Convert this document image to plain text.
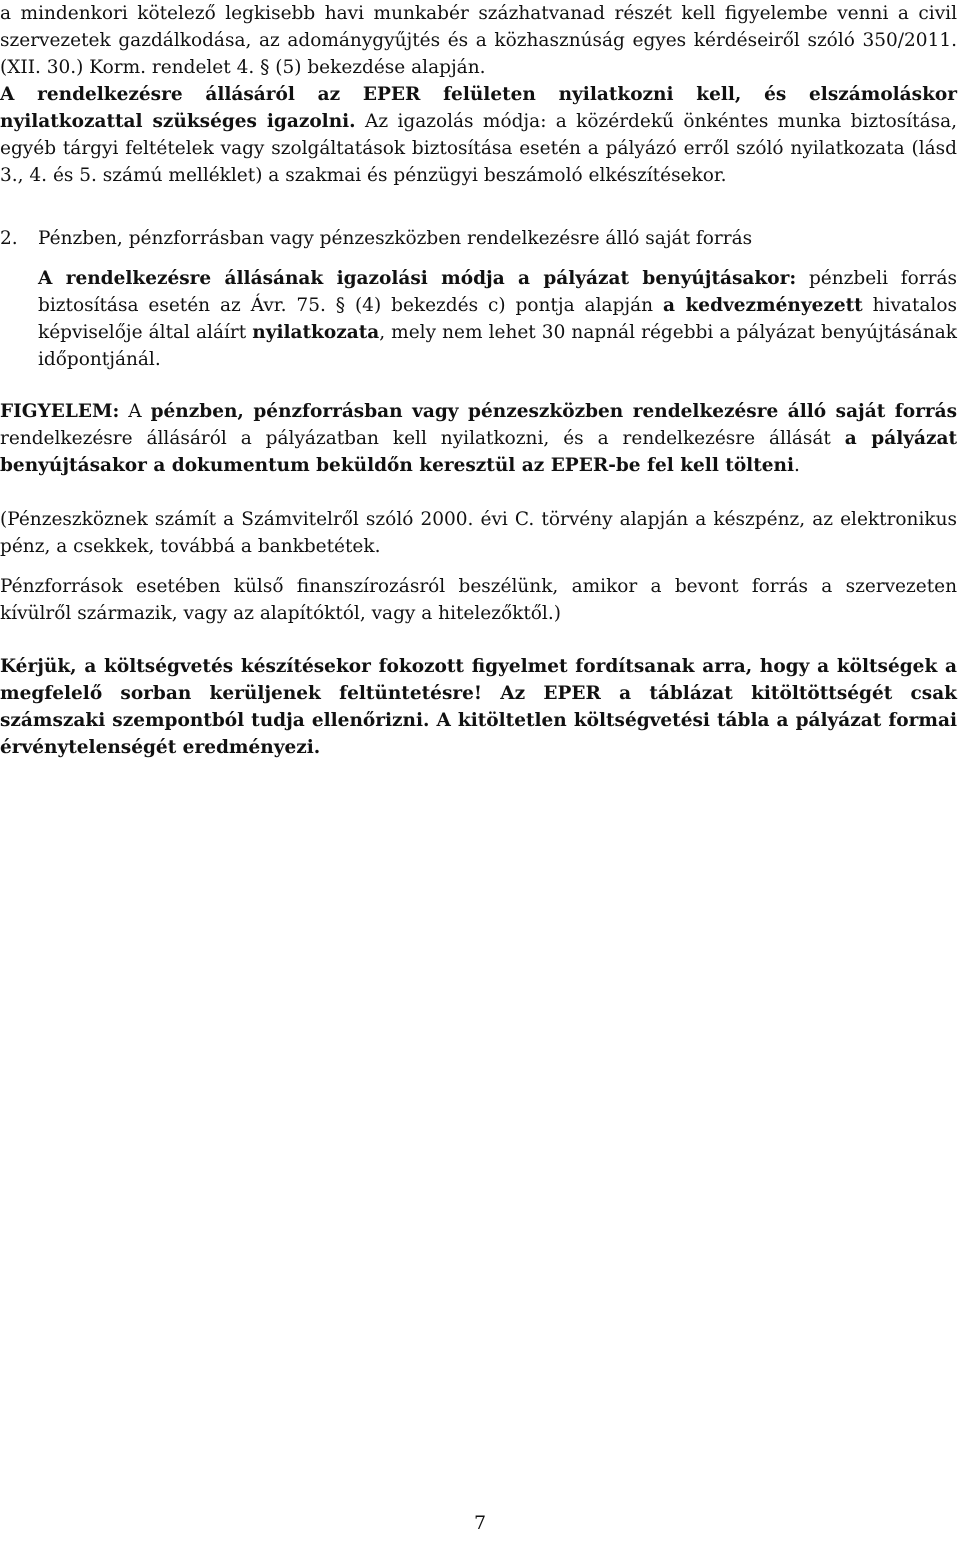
a mindenkori kötelező legkisebb havi munkabér százhatvanad részét kell figyelembe venni a civil szervezetek gazdálkodása, az adománygyűjtés és a közhasznúság egyes kérdéseiről szóló 350/2011. (XII. 30.) Korm. rendelet 4. § (5) bekezdése alapján.
A rendelkezésre állásáról az EPER felületen nyilatkozni kell, és elszámoláskor nyilatkozattal szükséges igazolni. Az igazolás módja: a közérdekű önkéntes munka biztosítása, egyéb tárgyi feltételek vagy szolgáltatások biztosítása esetén a pályázó erről szóló nyilatkozata (lásd 3., 4. és 5. számú melléklet) a szakmai és pénzügyi beszámoló elkészítésekor.

2. Pénzben, pénzforrásban vagy pénzeszközben rendelkezésre álló saját forrás

A rendelkezésre állásának igazolási módja a pályázat benyújtásakor: pénzbeli forrás biztosítása esetén az Ávr. 75. § (4) bekezdés c) pontja alapján a kedvezményezett hivatalos képviselője által aláírt nyilatkozata, mely nem lehet 30 napnál régebbi a pályázat benyújtásának időpontjánál.

FIGYELEM: A pénzben, pénzforrásban vagy pénzeszközben rendelkezésre álló saját forrás rendelkezésre állásáról a pályázatban kell nyilatkozni, és a rendelkezésre állását a pályázat benyújtásakor a dokumentum beküldőn keresztül az EPER-be fel kell tölteni.

(Pénzeszköznek számít a Számvitelről szóló 2000. évi C. törvény alapján a készpénz, az elektronikus pénz, a csekkek, továbbá a bankbetétek.

Pénzforrások esetében külső finanszírozásról beszélünk, amikor a bevont forrás a szervezeten kívülről származik, vagy az alapítóktól, vagy a hitelezőktől.)

Kérjük, a költségvetés készítésekor fokozott figyelmet fordítsanak arra, hogy a költségek a megfelelő sorban kerüljenek feltüntetésre! Az EPER a táblázat kitöltöttségét csak számszaki szempontból tudja ellenőrizni. A kitöltetlen költségvetési tábla a pályázat formai érvénytelenségét eredményezi.

7
